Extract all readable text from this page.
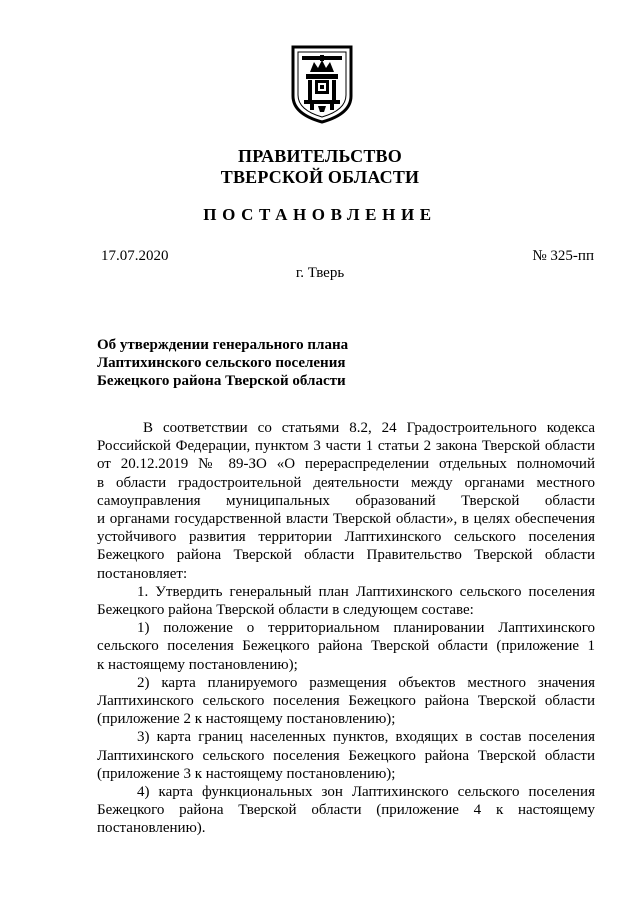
ПРАВИТЕЛЬСТВО
ТВЕРСКОЙ ОБЛАСТИ
ПОСТАНОВЛЕНИЕ
17.07.2020	№ 325-пп
г. Тверь
Об утверждении генерального плана
Лаптихинского сельского поселения
Бежецкого района Тверской области
В соответствии со статьями 8.2, 24 Градостроительного кодекса
Российской Федерации, пунктом 3 части 1 статьи 2 закона Тверской области
от 20.12.2019 № 89-ЗО «О перераспределении отдельных полномочий
в области градостроительной деятельности между органами местного
самоуправления муниципальных образований Тверской области
и органами государственной власти Тверской области», в целях обеспечения
устойчивого развития территории Лаптихинского сельского поселения
Бежецкого района Тверской области Правительство Тверской области
постановляет:
1. Утвердить генеральный план Лаптихинского сельского поселения
Бежецкого района Тверской области в следующем составе:
1) положение о территориальном планировании Лаптихинского
сельского поселения Бежецкого района Тверской области (приложение 1
к настоящему постановлению);
2) карта планируемого размещения объектов местного значения
Лаптихинского сельского поселения Бежецкого района Тверской области
(приложение 2 к настоящему постановлению);
3) карта границ населенных пунктов, входящих в состав поселения
Лаптихинского сельского поселения Бежецкого района Тверской области
(приложение 3 к настоящему постановлению);
4) карта функциональных зон Лаптихинского сельского поселения
Бежецкого района Тверской области (приложение 4 к настоящему
постановлению).
